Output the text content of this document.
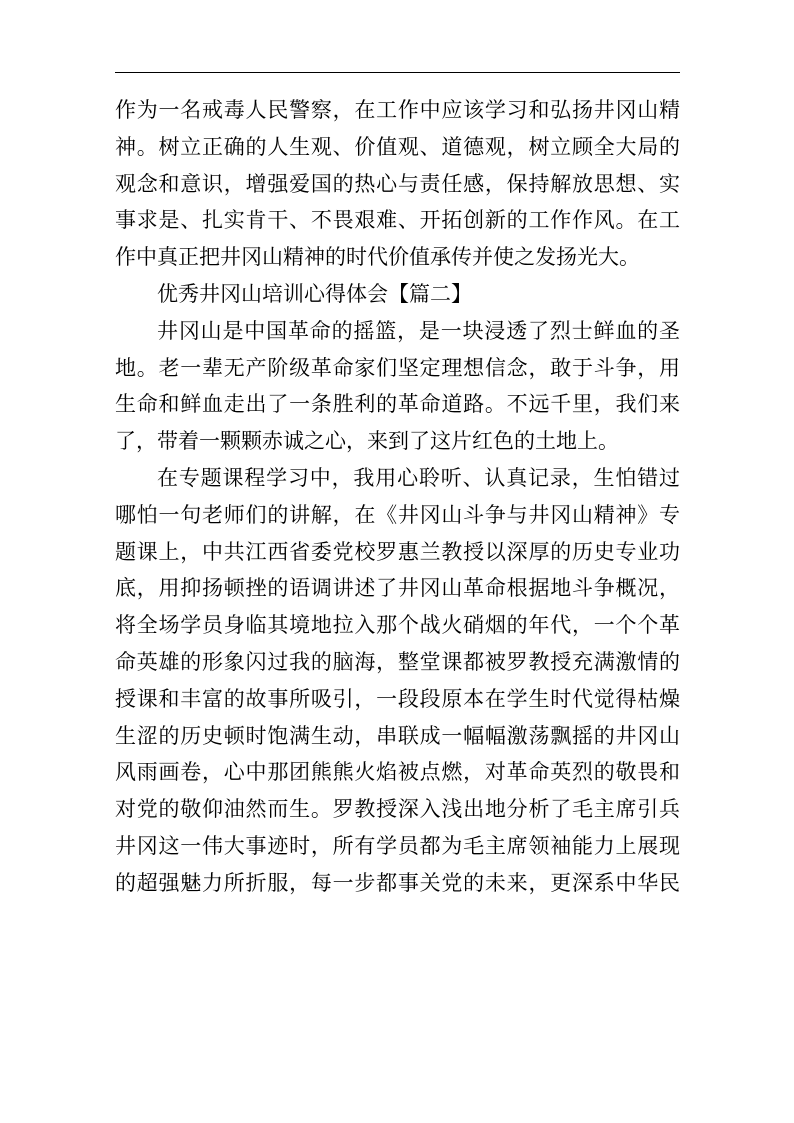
作为一名戒毒人民警察，在工作中应该学习和弘扬井冈山精
神。树立正确的人生观、价值观、道德观，树立顾全大局的
观念和意识，增强爱国的热心与责任感，保持解放思想、实
事求是、扎实肯干、不畏艰难、开拓创新的工作作风。在工
作中真正把井冈山精神的时代价值承传并使之发扬光大。
优秀井冈山培训心得体会【篇二】
井冈山是中国革命的摇篮，是一块浸透了烈士鲜血的圣
地。老一辈无产阶级革命家们坚定理想信念，敢于斗争，用
生命和鲜血走出了一条胜利的革命道路。不远千里，我们来
了，带着一颗颗赤诚之心，来到了这片红色的土地上。
在专题课程学习中，我用心聆听、认真记录，生怕错过
哪怕一句老师们的讲解，在《井冈山斗争与井冈山精神》专
题课上，中共江西省委党校罗惠兰教授以深厚的历史专业功
底，用抑扬顿挫的语调讲述了井冈山革命根据地斗争概况，
将全场学员身临其境地拉入那个战火硝烟的年代，一个个革
命英雄的形象闪过我的脑海，整堂课都被罗教授充满激情的
授课和丰富的故事所吸引，一段段原本在学生时代觉得枯燥
生涩的历史顿时饱满生动，串联成一幅幅激荡飘摇的井冈山
风雨画卷，心中那团熊熊火焰被点燃，对革命英烈的敬畏和
对党的敬仰油然而生。罗教授深入浅出地分析了毛主席引兵
井冈这一伟大事迹时，所有学员都为毛主席领袖能力上展现
的超强魅力所折服，每一步都事关党的未来，更深系中华民
